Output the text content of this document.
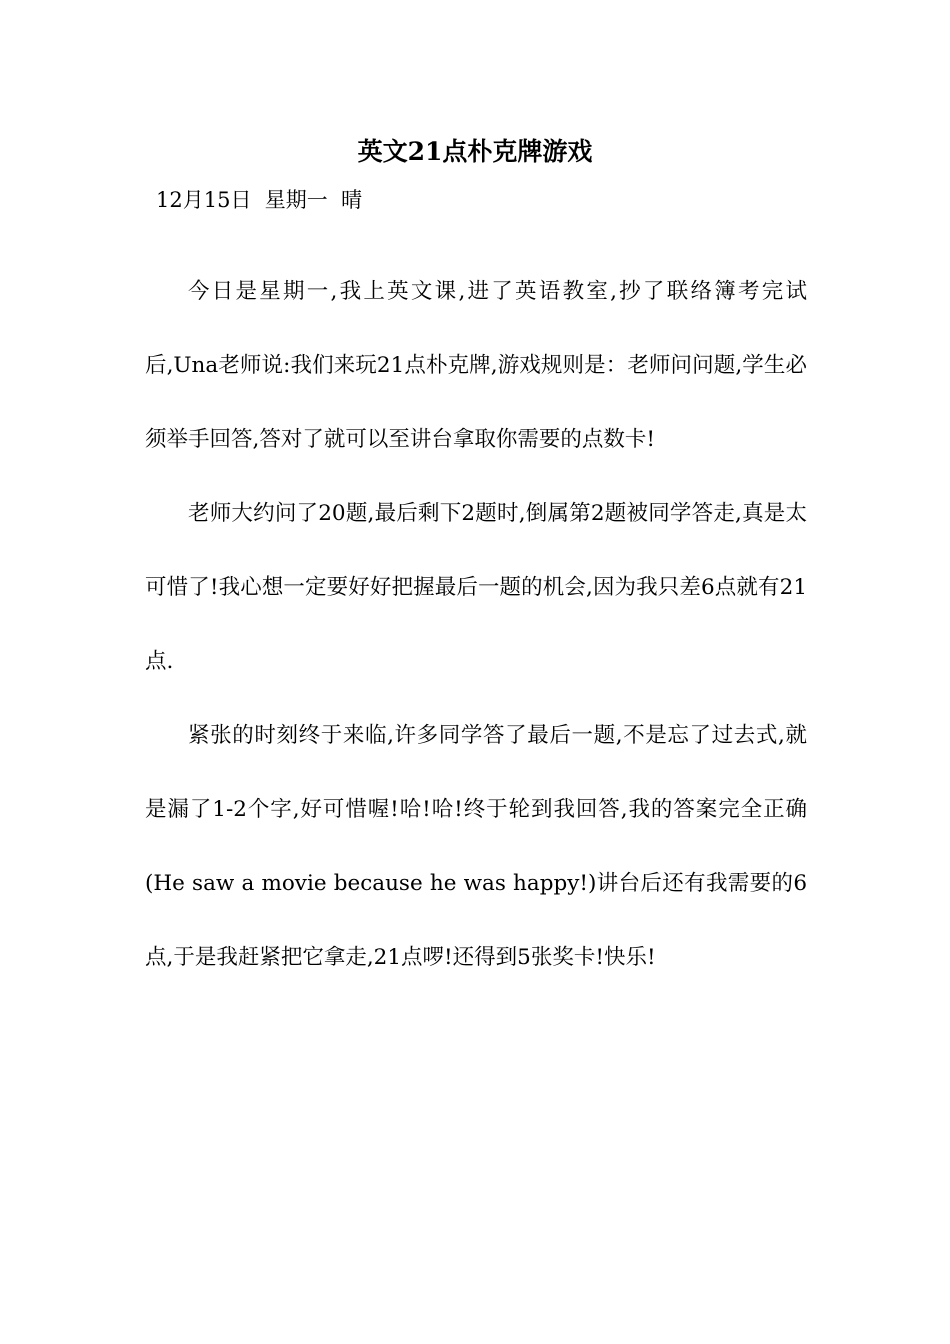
英文21点朴克牌游戏
12月15日  星期一  晴

今日是星期一,我上英文课,进了英语教室,抄了联络簿考完试后,Una老师说:我们来玩21点朴克牌,游戏规则是：老师问问题,学生必须举手回答,答对了就可以至讲台拿取你需要的点数卡!

老师大约问了20题,最后剩下2题时,倒属第2题被同学答走,真是太可惜了!我心想一定要好好把握最后一题的机会,因为我只差6点就有21点.

紧张的时刻终于来临,许多同学答了最后一题,不是忘了过去式,就是漏了1-2个字,好可惜喔!哈!哈!终于轮到我回答,我的答案完全正确(He saw a movie because he was happy!)讲台后还有我需要的6点,于是我赶紧把它拿走,21点啰!还得到5张奖卡!快乐!
